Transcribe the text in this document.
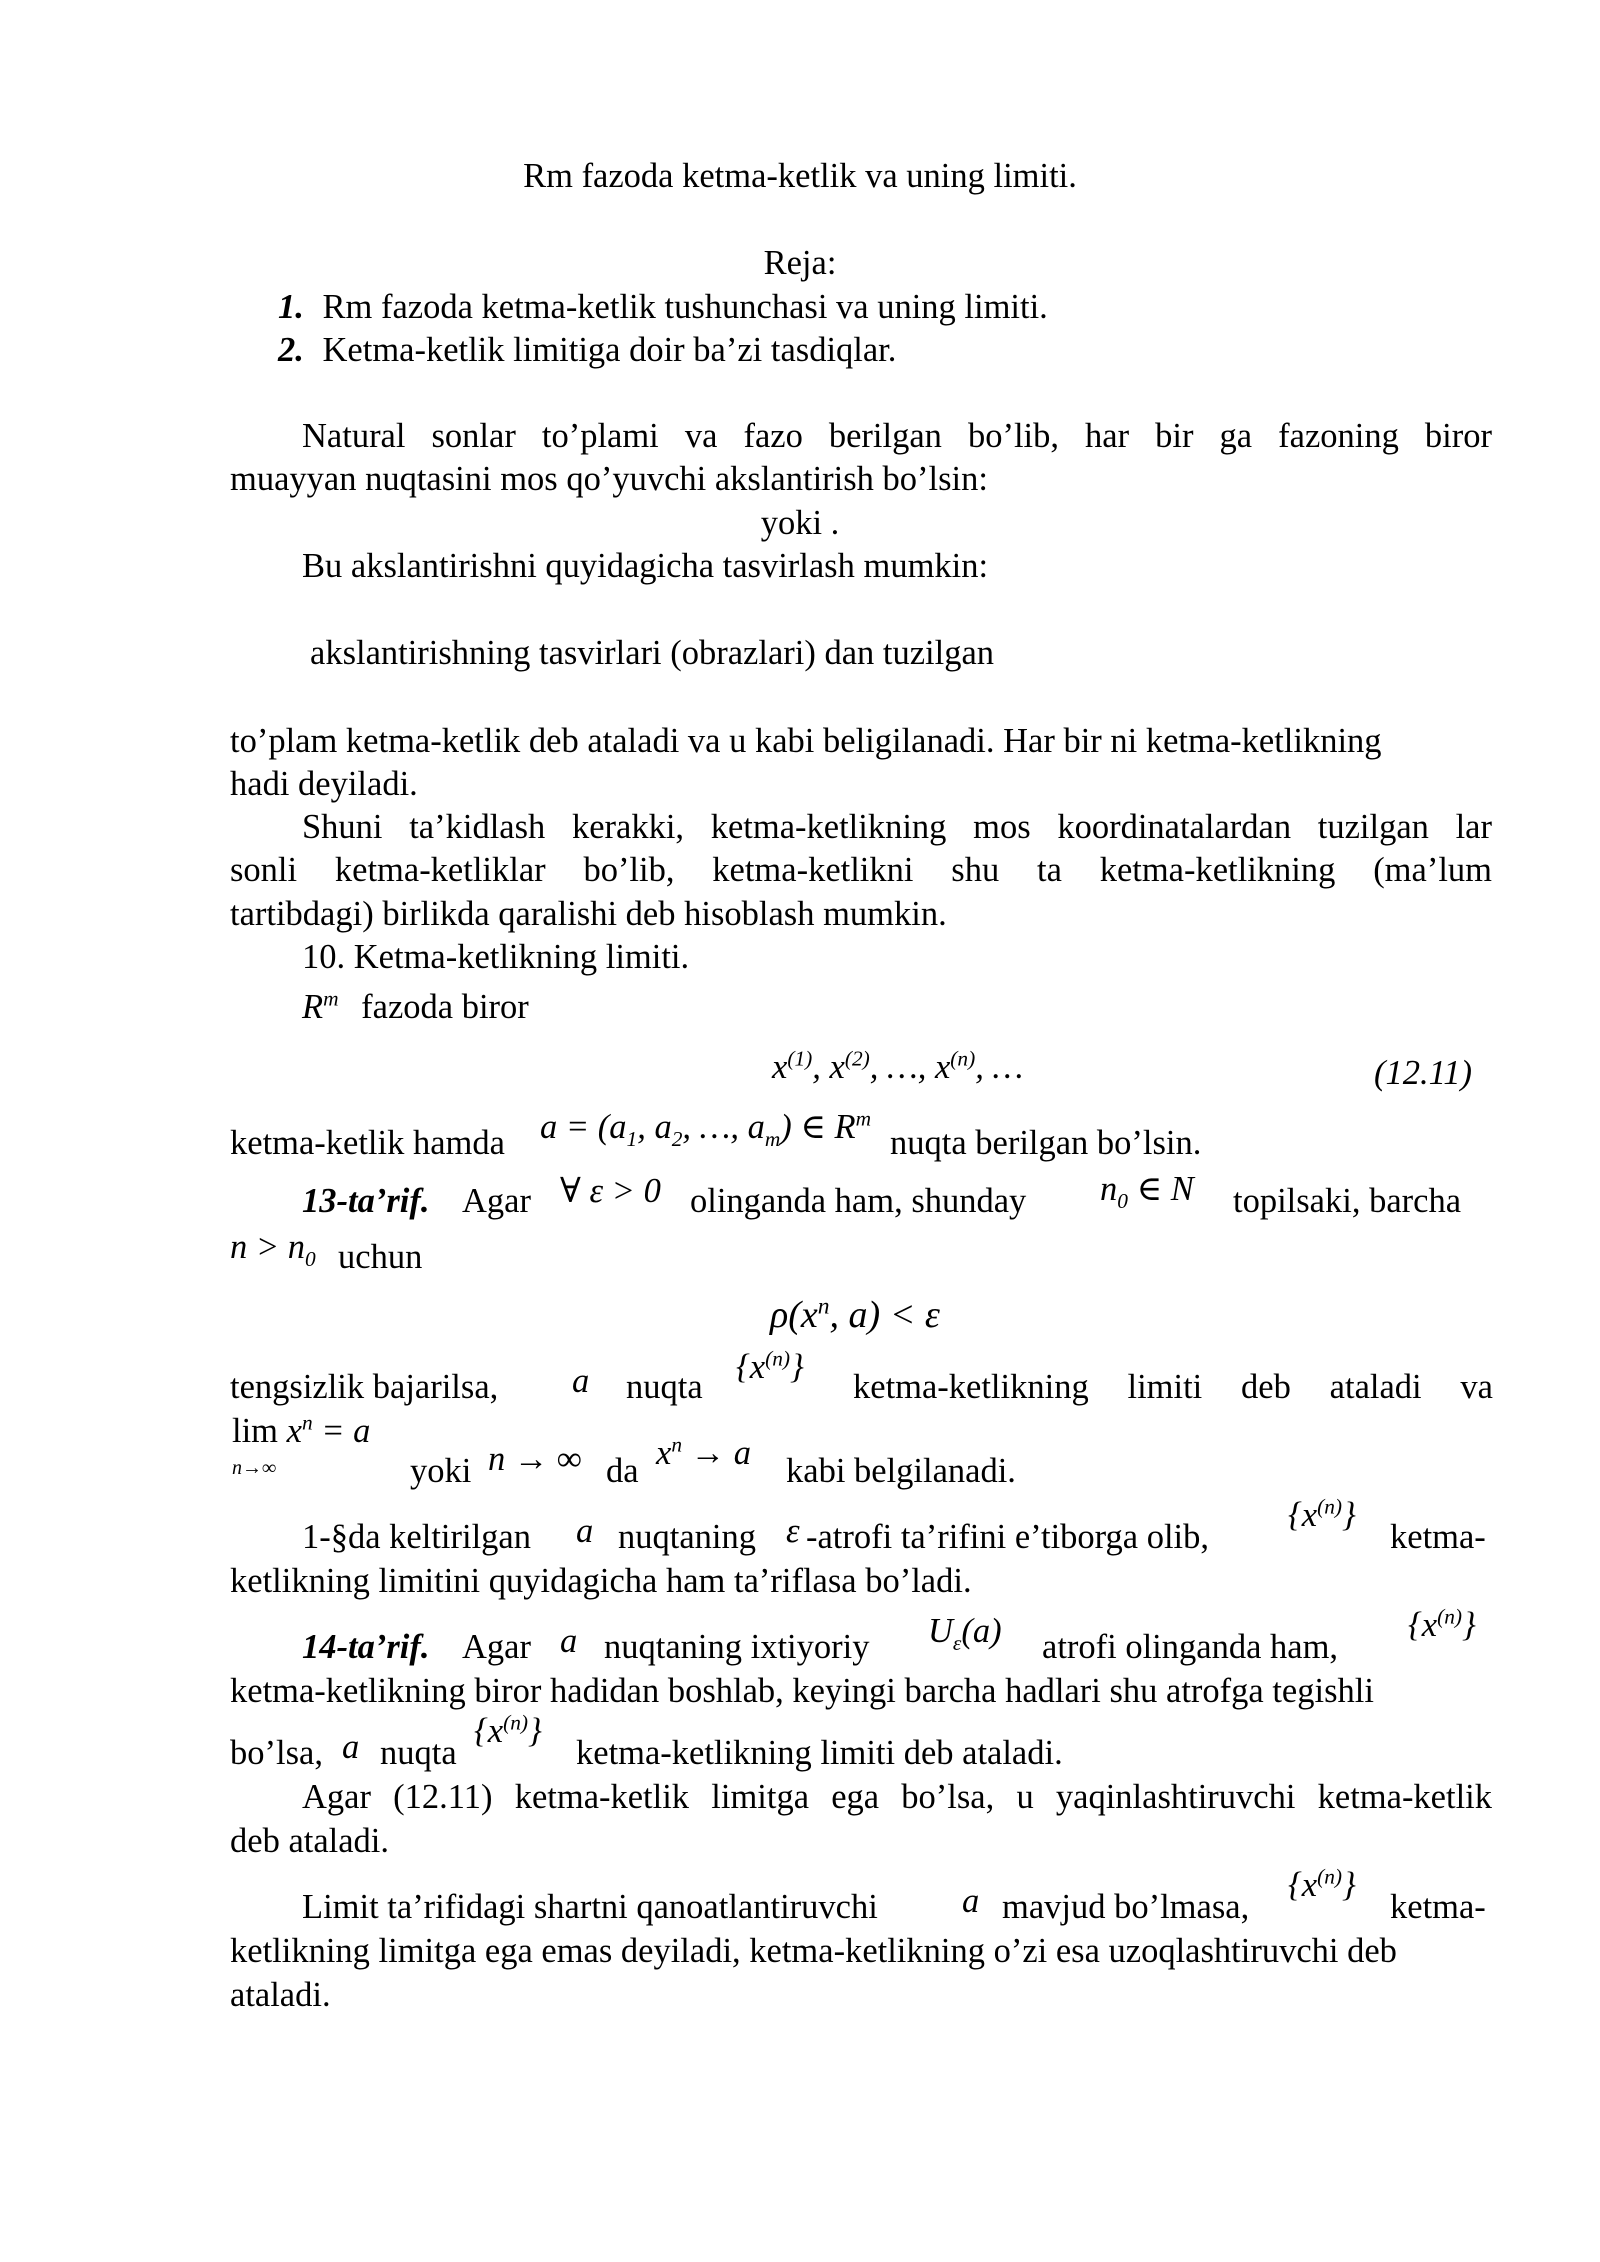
Rm fazoda ketma-ketlik va uning limiti.
Reja:
1. Rm fazoda ketma-ketlik tushunchasi va uning limiti.
2. Ketma-ketlik limitiga doir ba’zi tasdiqlar.
Natural sonlar to’plami va fazo berilgan bo’lib, har bir ga fazoning biror
muayyan nuqtasini mos qo’yuvchi akslantirish bo’lsin:
yoki .
Bu akslantirishni quyidagicha tasvirlash mumkin:
akslantirishning tasvirlari (obrazlari) dan tuzilgan
to’plam ketma-ketlik deb ataladi va u kabi beligilanadi. Har bir ni ketma-ketlikning
hadi deyiladi.
Shuni ta’kidlash kerakki, ketma-ketlikning mos koordinatalardan tuzilgan lar
sonli ketma-ketliklar bo’lib, ketma-ketlikni shu ta ketma-ketlikning (ma’lum
tartibdagi) birlikda qaralishi deb hisoblash mumkin.
10. Ketma-ketlikning limiti.
$R^m$ fazoda biror
$x^{(1)}$, $x^{(2)}$, …, $x^{(n)}$, …	(12.11)
ketma-ketlik hamda $a = (a_1$, $a_2$, …, $a_m$) ∈ $R^m$
nuqta berilgan bo’lsin.
13-ta’rif. Agar ∀ ε > 0 olinganda ham, shunday $n_0$ ∈ N topilsaki, barcha
$n > n_0$ uchun
$\rho(x^n$, a) < ε
tengsizlik bajarilsa, a nuqta
$\{x^{(n)}\}$
ketma-ketlikning limiti deb ataladi va
$\lim x^n = a$
n→∞	yoki n → ∞ da $x^n \to a$ kabi belgilanadi.
1-§da keltirilgan a nuqtaning ε -atrofi ta’rifini e’tiborga olib,
$\{x^{(n)}\}$
ketma-
ketlikning limitini quyidagicha ham ta’riflasa bo’ladi.
14-ta’rif. Agar a nuqtaning ixtiyoriy $U_\varepsilon(a)$ atrofi olinganda ham,
$\{x^{(n)}\}$
ketma-ketlikning biror hadidan boshlab, keyingi barcha hadlari shu atrofga tegishli
bo’lsa, a nuqta
$\{x^{(n)}\}$
ketma-ketlikning limiti deb ataladi.
Agar (12.11) ketma-ketlik limitga ega bo’lsa, u yaqinlashtiruvchi ketma-ketlik
deb ataladi.
Limit ta’rifidagi shartni qanoatlantiruvchi a mavjud bo’lmasa,
$\{x^{(n)}\}$
ketma-
ketlikning limitga ega emas deyiladi, ketma-ketlikning o’zi esa uzoqlashtiruvchi deb
ataladi.
